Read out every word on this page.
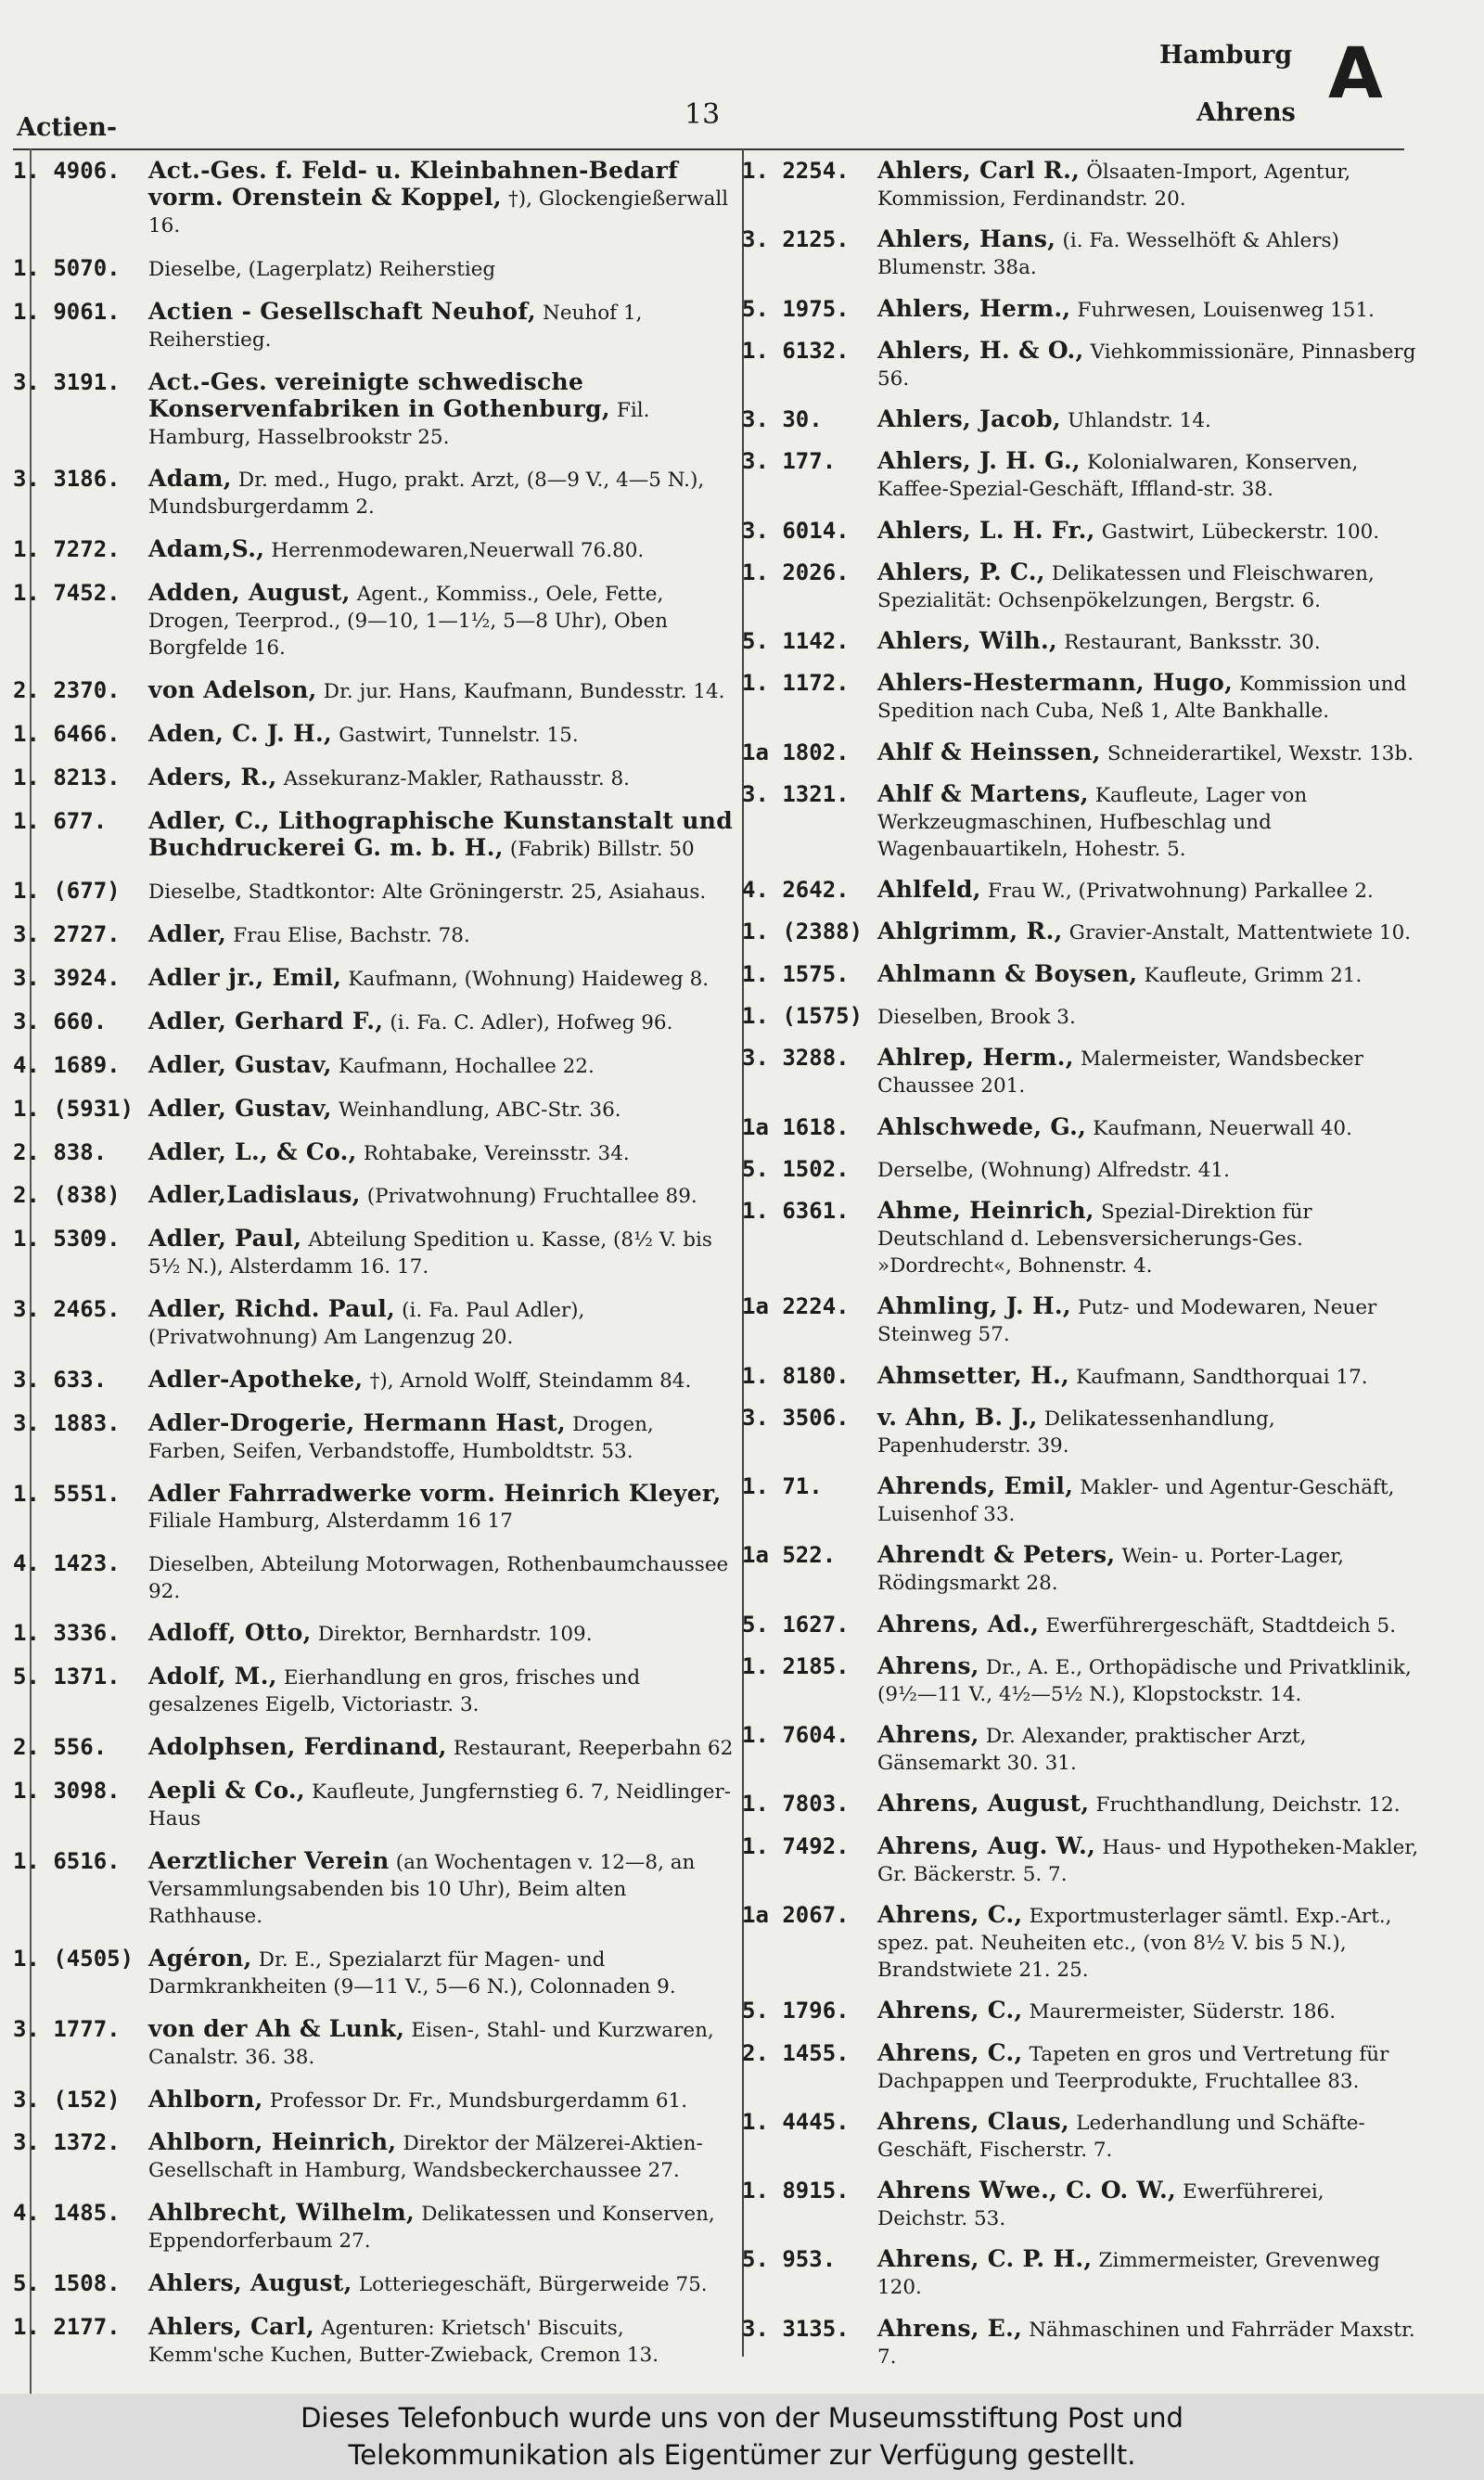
Actien-	13
Hamburg A
Ahrens
1. 4906.	Act.-Ges. f. Feld- u. Kleinbahnen-Bedarf vorm. Orenstein & Koppel, †), Glockengießerwall 16.
1. 5070.	Dieselbe, (Lagerplatz) Reiherstieg
1. 9061.	Actien - Gesellschaft Neuhof, Neuhof 1, Reiherstieg.
3. 3191.	Act.-Ges. vereinigte schwedische Konservenfabriken in Gothenburg, Fil. Hamburg, Hasselbrookstr 25.
3. 3186.	Adam, Dr. med., Hugo, prakt. Arzt, (8—9 V., 4—5 N.), Mundsburgerdamm 2.
1. 7272.	Adam,S., Herrenmodewaren,Neuerwall 76.80.
1. 7452.	Adden, August, Agent., Kommiss., Oele, Fette, Drogen, Teerprod., (9—10, 1—1½, 5—8 Uhr), Oben Borgfelde 16.
2. 2370.	von Adelson, Dr. jur. Hans, Kaufmann, Bundesstr. 14.
1. 6466.	Aden, C. J. H., Gastwirt, Tunnelstr. 15.
1. 8213.	Aders, R., Assekuranz-Makler, Rathausstr. 8.
1. 677.	Adler, C., Lithographische Kunstanstalt und Buchdruckerei G. m. b. H., (Fabrik) Billstr. 50
1. (677)	Dieselbe, Stadtkontor: Alte Gröningerstr. 25, Asiahaus.
3. 2727.	Adler, Frau Elise, Bachstr. 78.
3. 3924.	Adler jr., Emil, Kaufmann, (Wohnung) Haideweg 8.
3. 660.	Adler, Gerhard F., (i. Fa. C. Adler), Hofweg 96.
4. 1689.	Adler, Gustav, Kaufmann, Hochallee 22.
1. (5931) Adler, Gustav, Weinhandlung, ABC-Str. 36.
2. 838.	Adler, L., & Co., Rohtabake, Vereinsstr. 34.
2. (838)	Adler,Ladislaus, (Privatwohnung) Fruchtallee 89.
1. 5309.	Adler, Paul, Abteilung Spedition u. Kasse, (8½ V. bis 5½ N.), Alsterdamm 16. 17.
3. 2465.	Adler, Richd. Paul, (i. Fa. Paul Adler), (Privatwohnung) Am Langenzug 20.
3. 633.	Adler-Apotheke, †), Arnold Wolff, Steindamm 84.
3. 1883.	Adler-Drogerie, Hermann Hast, Drogen, Farben, Seifen, Verbandstoffe, Humboldtstr. 53.
1. 5551.	Adler Fahrradwerke vorm. Heinrich Kleyer, Filiale Hamburg, Alsterdamm 16 17
4. 1423.	Dieselben, Abteilung Motorwagen, Rothenbaumchaussee 92.
1. 3336.	Adloff, Otto, Direktor, Bernhardstr. 109.
5. 1371.	Adolf, M., Eierhandlung en gros, frisches und gesalzenes Eigelb, Victoriastr. 3.
2. 556.	Adolphsen, Ferdinand, Restaurant, Reeperbahn 62
1. 3098.	Aepli & Co., Kaufleute, Jungfernstieg 6. 7, Neidlinger-Haus
1. 6516.	Aerztlicher Verein (an Wochentagen v. 12—8, an Versammlungsabenden bis 10 Uhr), Beim alten Rathhause.
1. (4505) Agéron, Dr. E., Spezialarzt für Magen- und Darmkrankheiten (9—11 V., 5—6 N.), Colonnaden 9.
3. 1777.	von der Ah & Lunk, Eisen-, Stahl- und Kurzwaren, Canalstr. 36. 38.
3. (152)	Ahlborn, Professor Dr. Fr., Mundsburgerdamm 61.
3. 1372.	Ahlborn, Heinrich, Direktor der Mälzerei-Aktien-Gesellschaft in Hamburg, Wandsbeckerchaussee 27.
4. 1485.	Ahlbrecht, Wilhelm, Delikatessen und Konserven, Eppendorferbaum 27.
5. 1508.	Ahlers, August, Lotteriegeschäft, Bürgerweide 75.
1. 2177.	Ahlers, Carl, Agenturen: Krietsch' Biscuits, Kemm'sche Kuchen, Butter-Zwieback, Cremon 13.
1. 2254.	Ahlers, Carl R., Ölsaaten-Import, Agentur, Kommission, Ferdinandstr. 20.
3. 2125.	Ahlers, Hans, (i. Fa. Wesselhöft & Ahlers) Blumenstr. 38a.
5. 1975.	Ahlers, Herm., Fuhrwesen, Louisenweg 151.
1. 6132.	Ahlers, H. & O., Viehkommissionäre, Pinnasberg 56.
3. 30.	Ahlers, Jacob, Uhlandstr. 14.
3. 177.	Ahlers, J. H. G., Kolonialwaren, Konserven, Kaffee-Spezial-Geschäft, Iffland-str. 38.
3. 6014.	Ahlers, L. H. Fr., Gastwirt, Lübeckerstr. 100.
1. 2026.	Ahlers, P. C., Delikatessen und Fleischwaren, Spezialität: Ochsenpökelzungen, Bergstr. 6.
5. 1142.	Ahlers, Wilh., Restaurant, Banksstr. 30.
1. 1172.	Ahlers-Hestermann, Hugo, Kommission und Spedition nach Cuba, Neß 1, Alte Bankhalle.
1a 1802.	Ahlf & Heinssen, Schneiderartikel, Wexstr. 13b.
3. 1321.	Ahlf & Martens, Kaufleute, Lager von Werkzeugmaschinen, Hufbeschlag und Wagenbauartikeln, Hohestr. 5.
4. 2642.	Ahlfeld, Frau W., (Privatwohnung) Parkallee 2.
1. (2388) Ahlgrimm, R., Gravier-Anstalt, Mattentwiete 10.
1. 1575.	Ahlmann & Boysen, Kaufleute, Grimm 21.
1. (1575) Dieselben, Brook 3.
3. 3288.	Ahlrep, Herm., Malermeister, Wandsbecker Chaussee 201.
1a 1618.	Ahlschwede, G., Kaufmann, Neuerwall 40.
5. 1502.	Derselbe, (Wohnung) Alfredstr. 41.
1. 6361.	Ahme, Heinrich, Spezial-Direktion für Deutschland d. Lebensversicherungs-Ges. »Dordrecht«, Bohnenstr. 4.
1a 2224.	Ahmling, J. H., Putz- und Modewaren, Neuer Steinweg 57.
1. 8180.	Ahmsetter, H., Kaufmann, Sandthorquai 17.
3. 3506.	v. Ahn, B. J., Delikatessenhandlung, Papenhuderstr. 39.
1. 71.	Ahrends, Emil, Makler- und Agentur-Geschäft, Luisenhof 33.
1a 522.	Ahrendt & Peters, Wein- u. Porter-Lager, Rödingsmarkt 28.
5. 1627.	Ahrens, Ad., Ewerführergeschäft, Stadtdeich 5.
1. 2185.	Ahrens, Dr., A. E., Orthopädische und Privatklinik, (9½—11 V., 4½—5½ N.), Klopstockstr. 14.
1. 7604.	Ahrens, Dr. Alexander, praktischer Arzt, Gänsemarkt 30. 31.
1. 7803.	Ahrens, August, Fruchthandlung, Deichstr. 12.
1. 7492.	Ahrens, Aug. W., Haus- und Hypotheken-Makler, Gr. Bäckerstr. 5. 7.
1a 2067.	Ahrens, C., Exportmusterlager sämtl. Exp.-Art., spez. pat. Neuheiten etc., (von 8½ V. bis 5 N.), Brandstwiete 21. 25.
5. 1796.	Ahrens, C., Maurermeister, Süderstr. 186.
2. 1455.	Ahrens, C., Tapeten en gros und Vertretung für Dachpappen und Teerprodukte, Fruchtallee 83.
1. 4445.	Ahrens, Claus, Lederhandlung und Schäfte-Geschäft, Fischerstr. 7.
1. 8915.	Ahrens Wwe., C. O. W., Ewerführerei, Deichstr. 53.
5. 953.	Ahrens, C. P. H., Zimmermeister, Grevenweg 120.
3. 3135.	Ahrens, E., Nähmaschinen und Fahrräder Maxstr. 7.
Dieses Telefonbuch wurde uns von der Museumsstiftung Post und
Telekommunikation als Eigentümer zur Verfügung gestellt.
